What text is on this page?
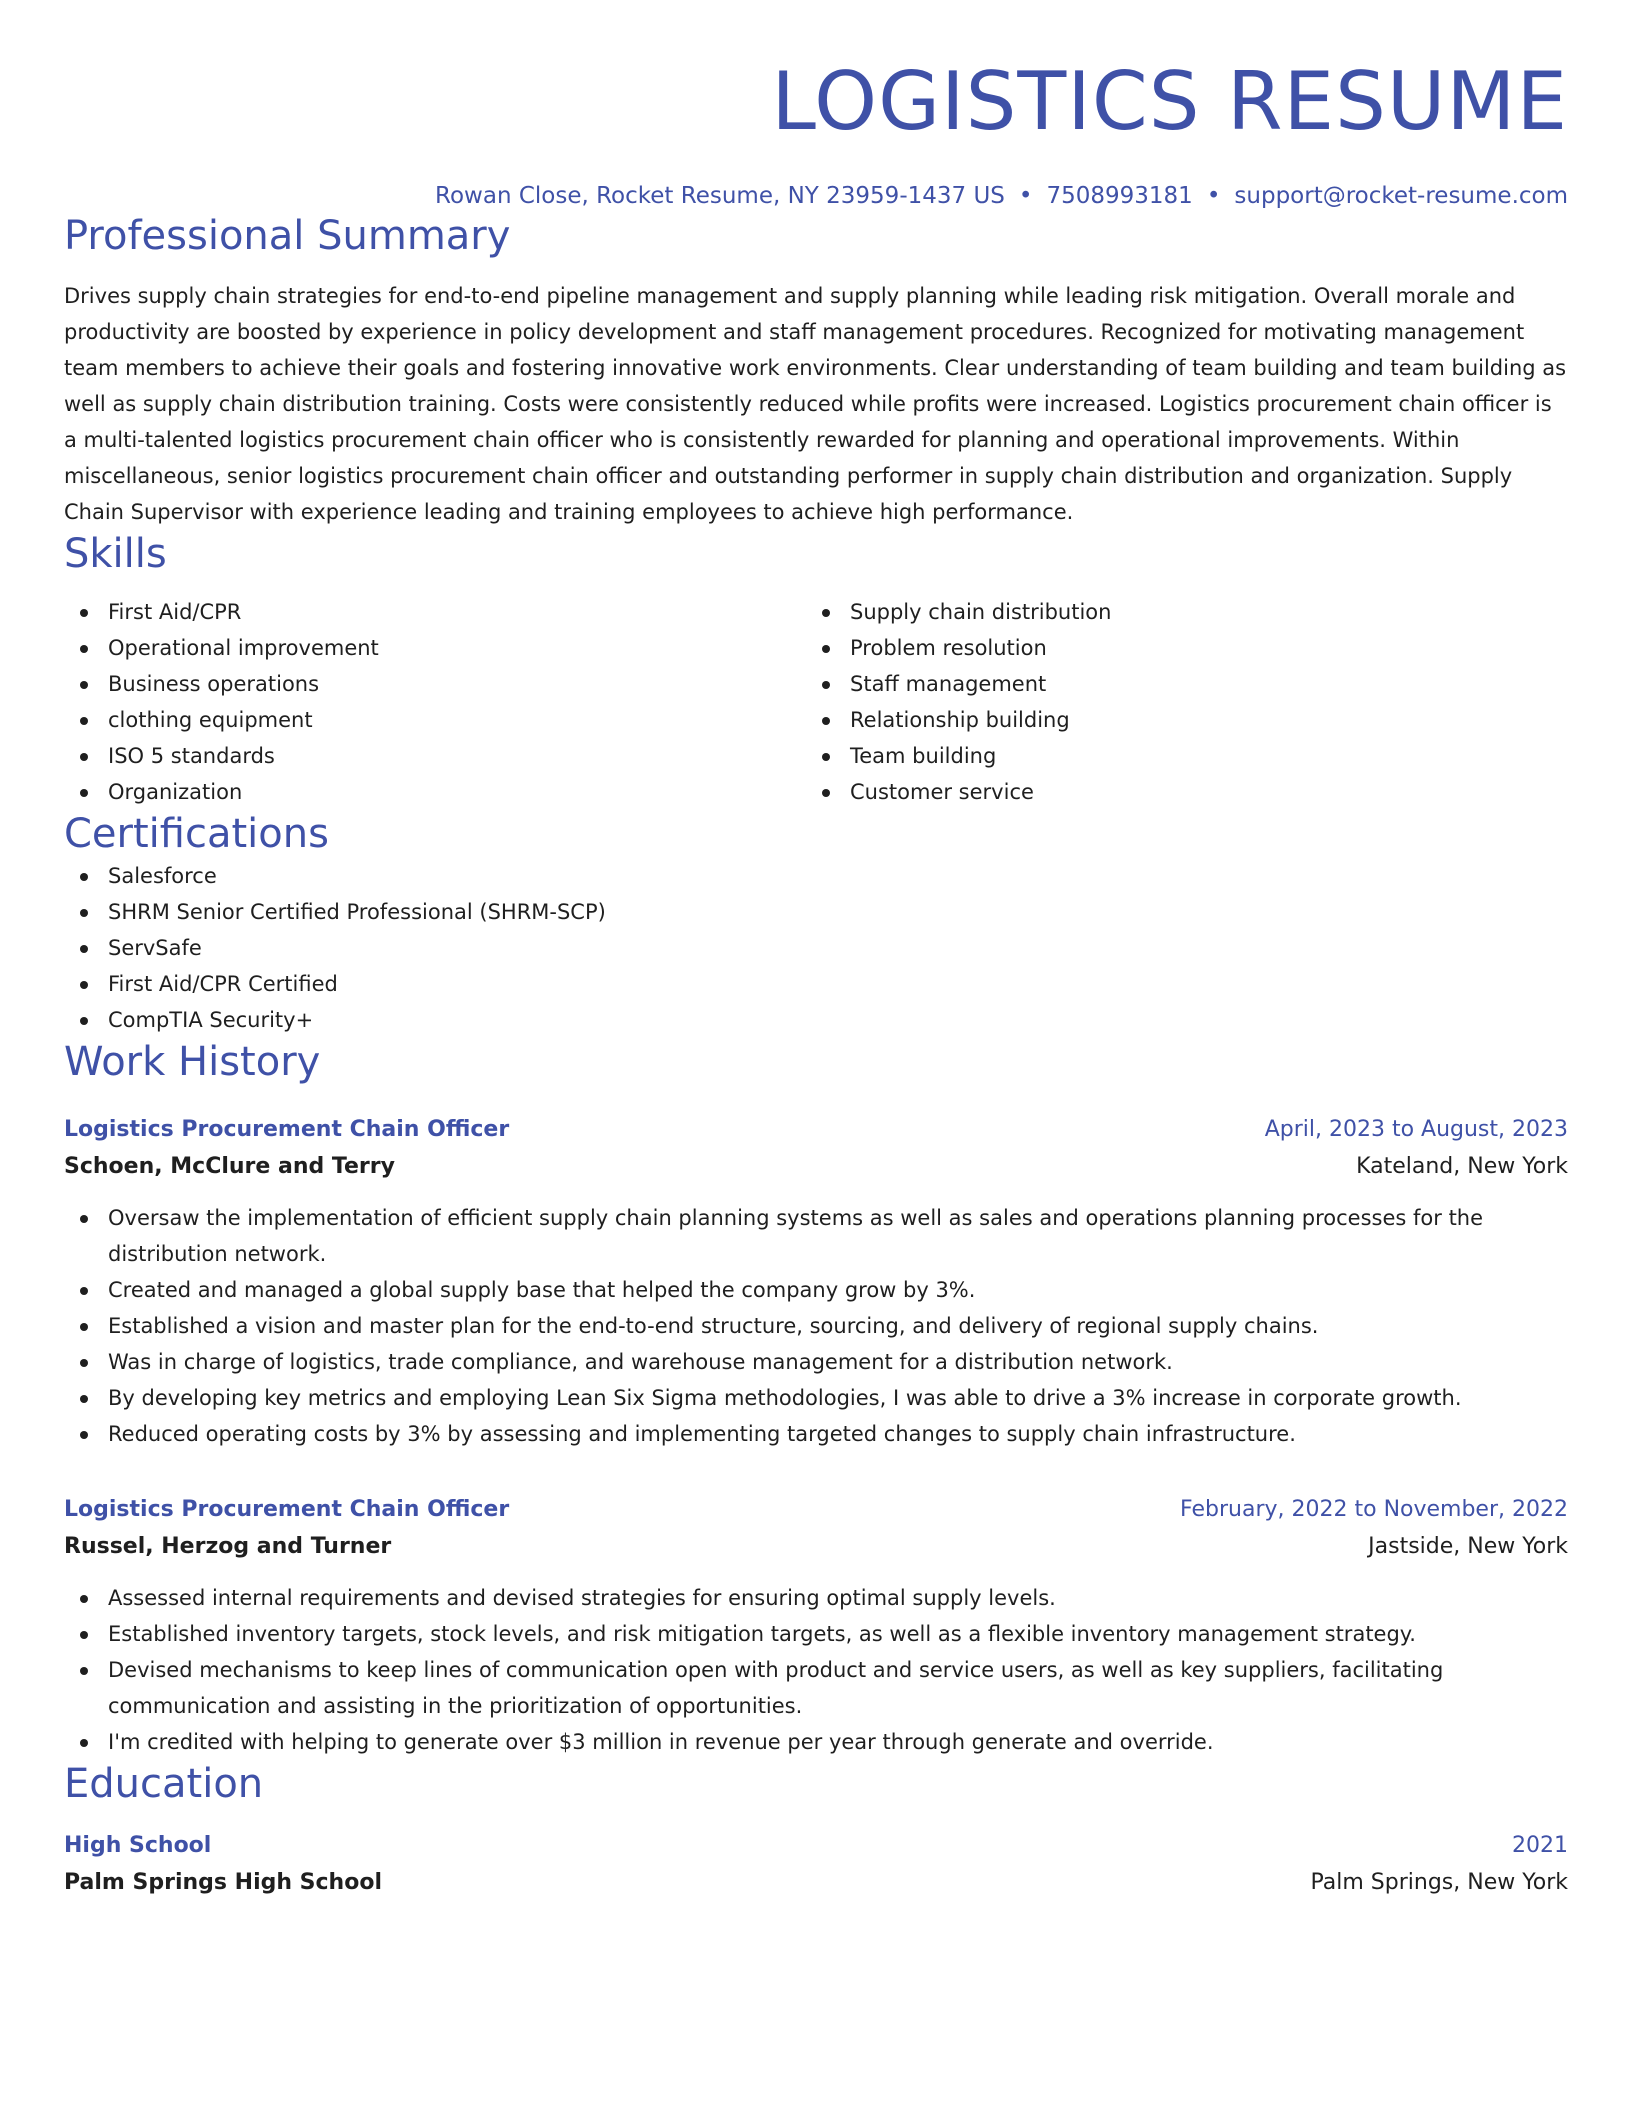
LOGISTICS RESUME
Rowan Close, Rocket Resume, NY 23959-1437 US • 7508993181 • support@rocket-resume.com
Professional Summary

Drives supply chain strategies for end-to-end pipeline management and supply planning while leading risk mitigation. Overall morale and productivity are boosted by experience in policy development and staff management procedures. Recognized for motivating management team members to achieve their goals and fostering innovative work environments. Clear understanding of team building and team building as well as supply chain distribution training. Costs were consistently reduced while profits were increased. Logistics procurement chain officer is a multi-talented logistics procurement chain officer who is consistently rewarded for planning and operational improvements. Within miscellaneous, senior logistics procurement chain officer and outstanding performer in supply chain distribution and organization. Supply Chain Supervisor with experience leading and training employees to achieve high performance.

Skills
First Aid/CPR
Operational improvement
Business operations
clothing equipment
ISO 5 standards
Organization
Supply chain distribution
Problem resolution
Staff management
Relationship building
Team building
Customer service
Certifications
Salesforce
SHRM Senior Certified Professional (SHRM-SCP)
ServSafe
First Aid/CPR Certified
CompTIA Security+
Work History
Logistics Procurement Chain Officer	April, 2023 to August, 2023
Schoen, McClure and Terry	Kateland, New York
Oversaw the implementation of efficient supply chain planning systems as well as sales and operations planning processes for the distribution network.
Created and managed a global supply base that helped the company grow by 3%.
Established a vision and master plan for the end-to-end structure, sourcing, and delivery of regional supply chains.
Was in charge of logistics, trade compliance, and warehouse management for a distribution network.
By developing key metrics and employing Lean Six Sigma methodologies, I was able to drive a 3% increase in corporate growth.
Reduced operating costs by 3% by assessing and implementing targeted changes to supply chain infrastructure.
Logistics Procurement Chain Officer	February, 2022 to November, 2022
Russel, Herzog and Turner	Jastside, New York
Assessed internal requirements and devised strategies for ensuring optimal supply levels.
Established inventory targets, stock levels, and risk mitigation targets, as well as a flexible inventory management strategy.
Devised mechanisms to keep lines of communication open with product and service users, as well as key suppliers, facilitating communication and assisting in the prioritization of opportunities.
I'm credited with helping to generate over $3 million in revenue per year through generate and override.
Education
High School	2021
Palm Springs High School	Palm Springs, New York
